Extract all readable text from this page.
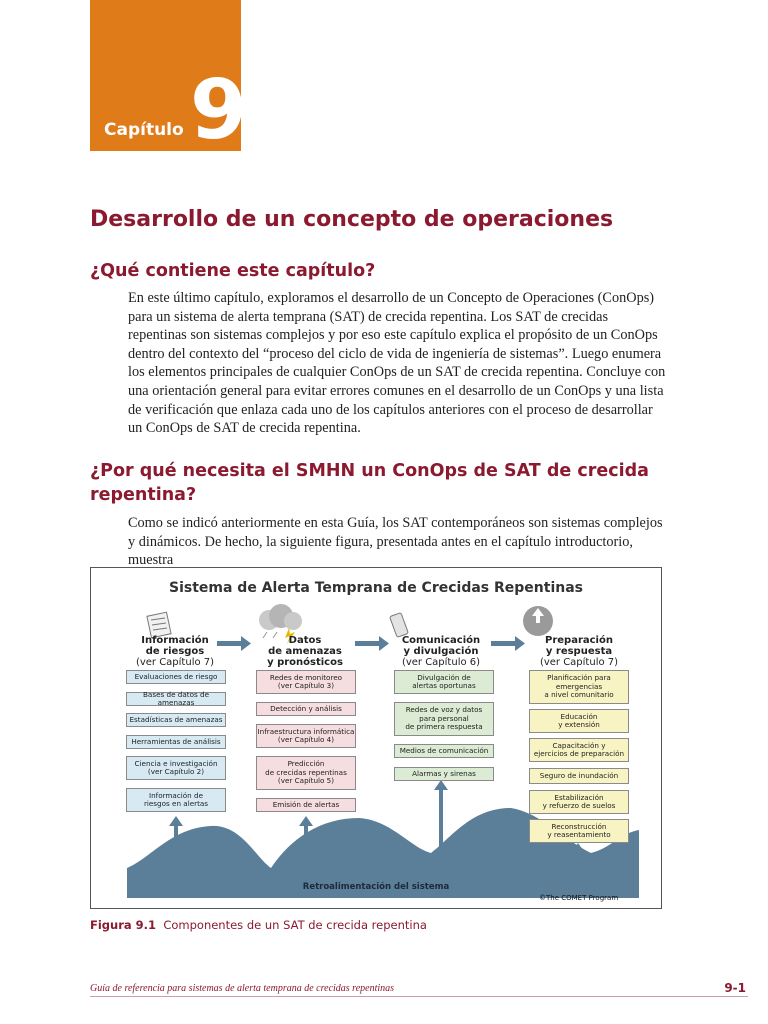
Capítulo 9
Desarrollo de un concepto de operaciones
¿Qué contiene este capítulo?

En este último capítulo, exploramos el desarrollo de un Concepto de Operaciones (ConOps) para un sistema de alerta temprana (SAT) de crecida repentina. Los SAT de crecidas repentinas son sistemas complejos y por eso este capítulo explica el propósito de un ConOps dentro del contexto del “proceso del ciclo de vida de ingeniería de sistemas”. Luego enumera los elementos principales de cualquier ConOps de un SAT de crecida repentina. Concluye con una orientación general para evitar errores comunes en el desarrollo de un ConOps y una lista de verificación que enlaza cada uno de los capítulos anteriores con el proceso de desarrollar un ConOps de SAT de crecida repentina.

¿Por qué necesita el SMHN un ConOps de SAT de crecida repentina?

Como se indicó anteriormente en esta Guía, los SAT contemporáneos son sistemas complejos y dinámicos. De hecho, la siguiente figura, presentada antes en el capítulo introductorio, muestra

Sistema de Alerta Temprana de Crecidas Repentinas
Información
de riesgos
(ver Capítulo 7)
Datos
de amenazas
y pronósticos
Comunicación
y divulgación
(ver Capítulo 6)
Preparación
y respuesta
(ver Capítulo 7)
Evaluaciones de riesgo
Bases de datos de amenazas
Estadísticas de amenazas
Herramientas de análisis
Ciencia e investigación
(ver Capítulo 2)
Información de
riesgos en alertas
Redes de monitoreo
(ver Capítulo 3)
Detección y análisis
Infraestructura informática
(ver Capítulo 4)
Predicción
de crecidas repentinas
(ver Capítulo 5)
Emisión de alertas
Divulgación de
alertas oportunas
Redes de voz y datos
para personal
de primera respuesta
Medios de comunicación
Alarmas y sirenas
Planificación para
emergencias
a nivel comunitario
Educación
y extensión
Capacitación y
ejercicios de preparación
Seguro de inundación
Estabilización
y refuerzo de suelos
Reconstrucción
y reasentamiento
Retroalimentación del sistema
©The COMET Program
Figura 9.1 Componentes de un SAT de crecida repentina
Guía de referencia para sistemas de alerta temprana de crecidas repentinas	9-1
